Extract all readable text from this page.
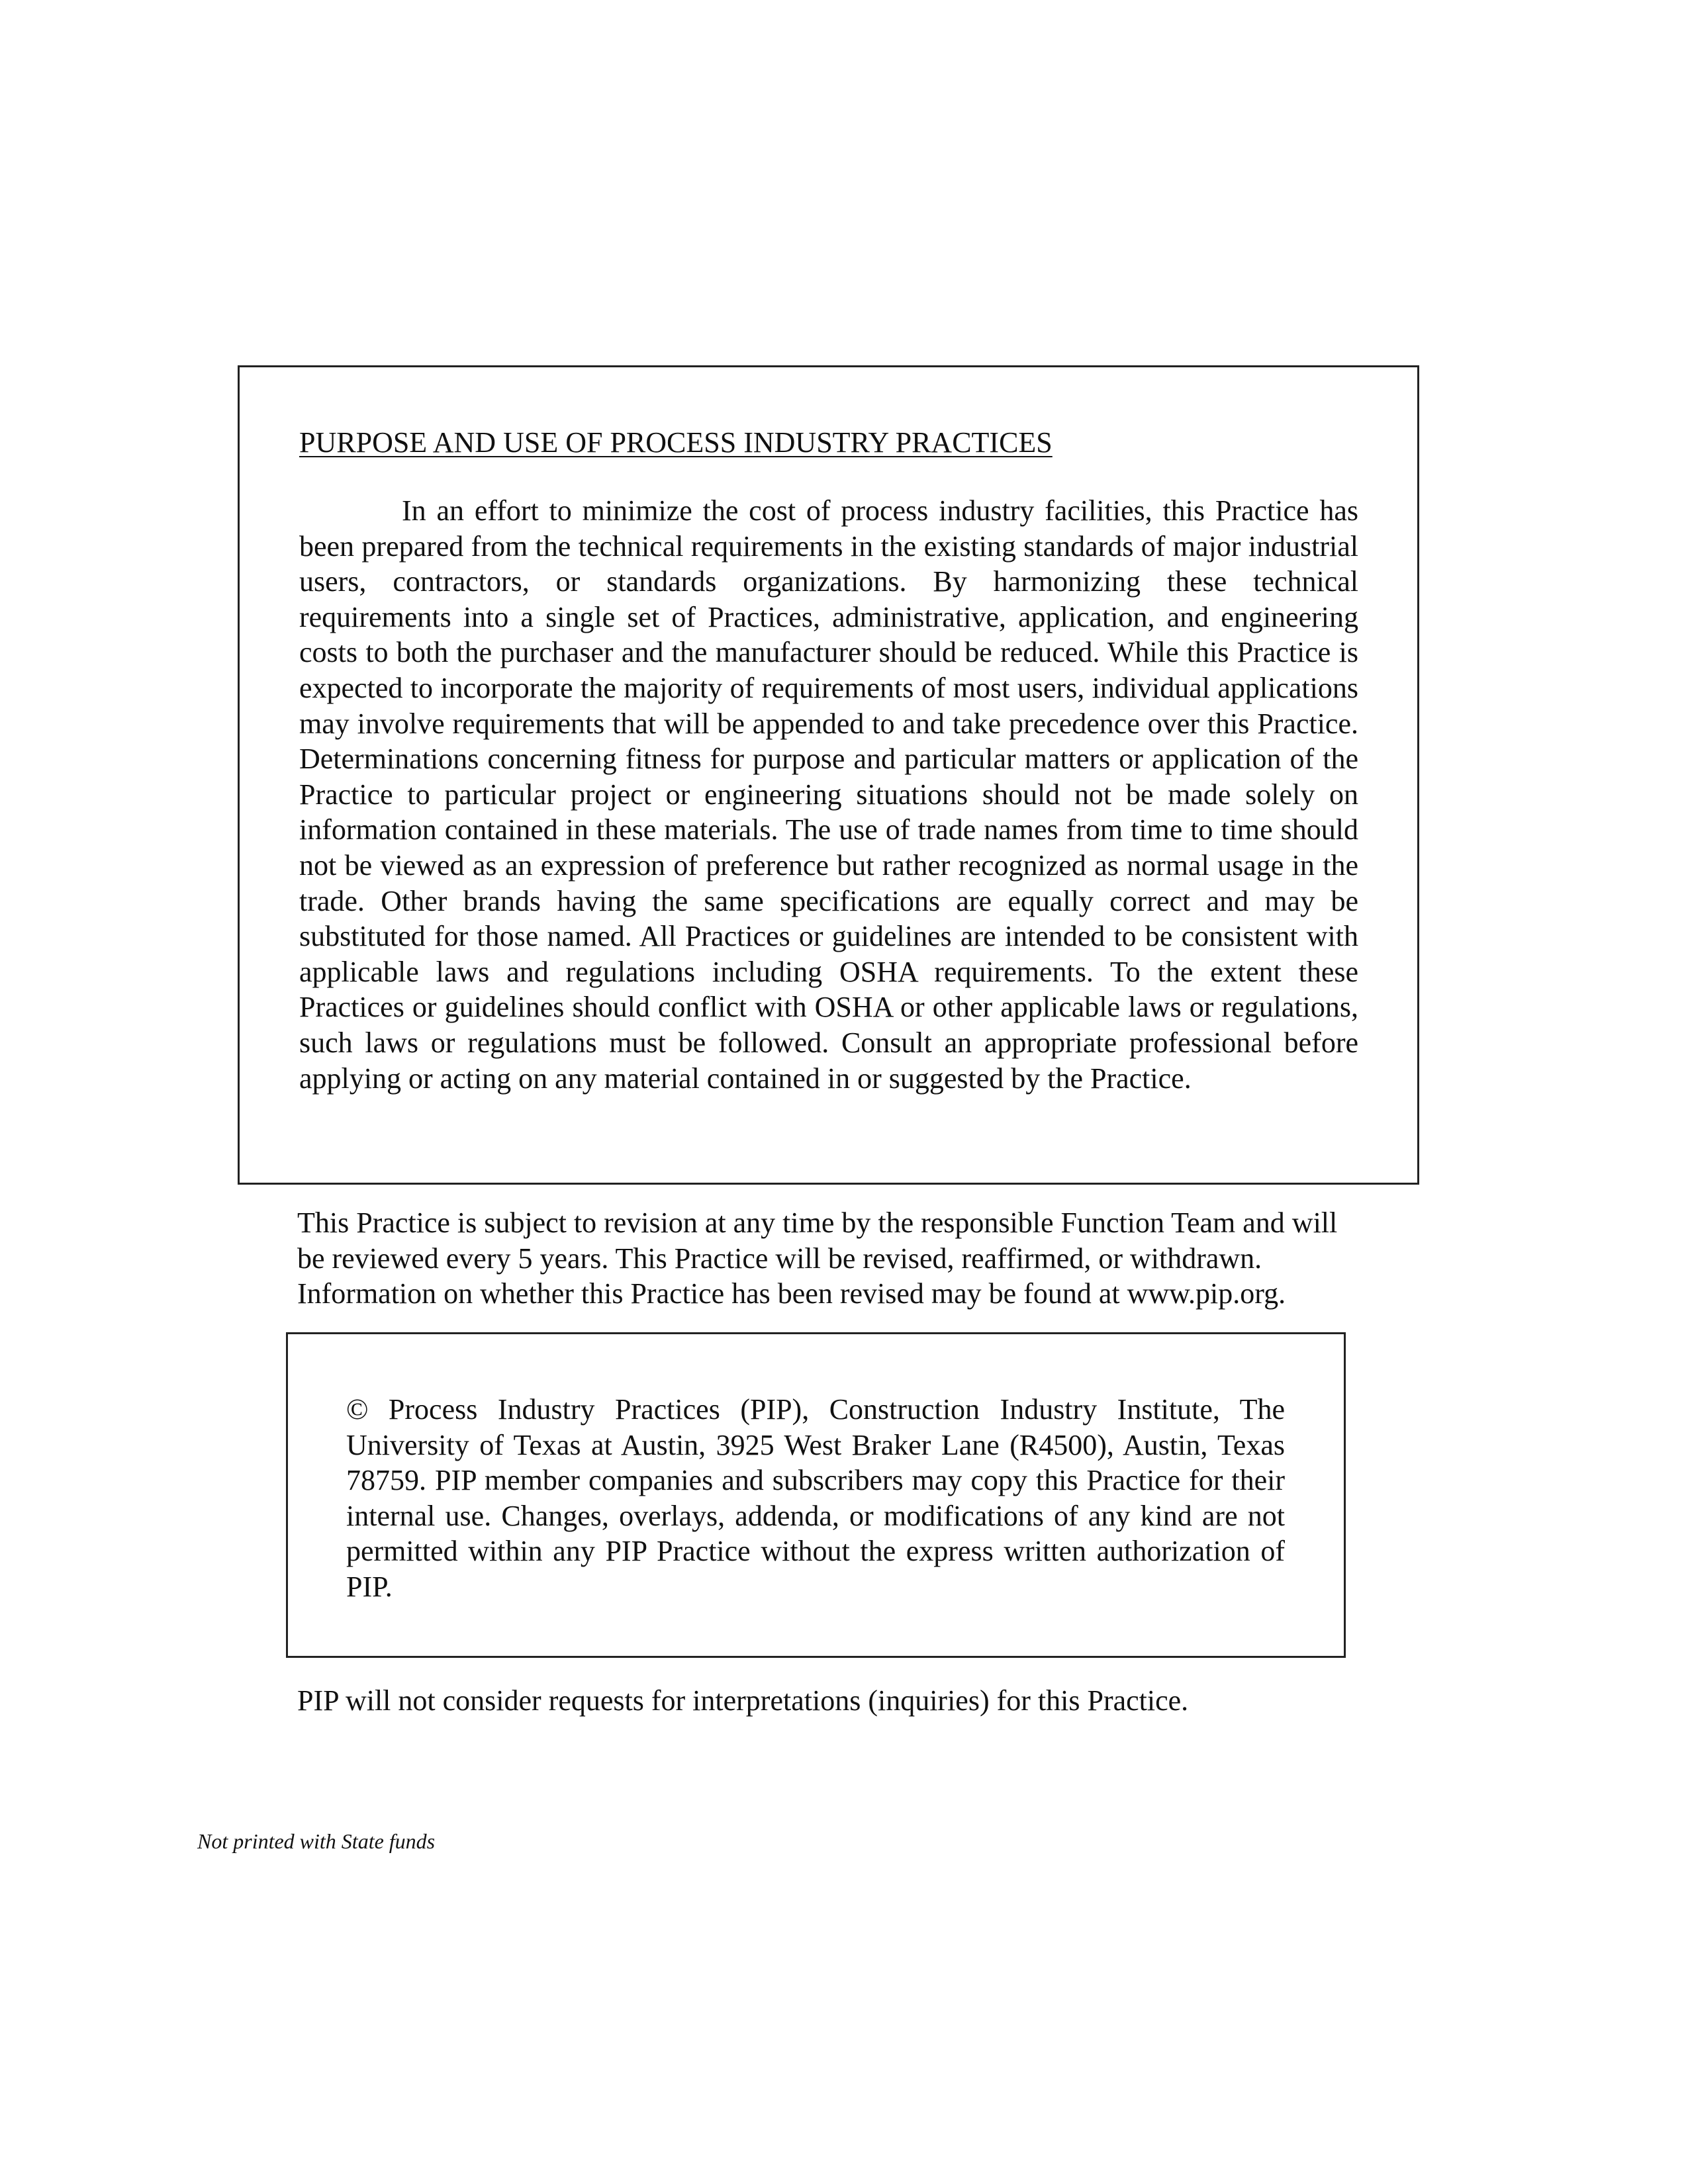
PURPOSE AND USE OF PROCESS INDUSTRY PRACTICES

In an effort to minimize the cost of process industry facilities, this Practice has been prepared from the technical requirements in the existing standards of major industrial users, contractors, or standards organizations. By harmonizing these technical requirements into a single set of Practices, administrative, application, and engineering costs to both the purchaser and the manufacturer should be reduced. While this Practice is expected to incorporate the majority of requirements of most users, individual applications may involve requirements that will be appended to and take precedence over this Practice. Determinations concerning fitness for purpose and particular matters or application of the Practice to particular project or engineering situations should not be made solely on information contained in these materials. The use of trade names from time to time should not be viewed as an expression of preference but rather recognized as normal usage in the trade. Other brands having the same specifications are equally correct and may be substituted for those named. All Practices or guidelines are intended to be consistent with applicable laws and regulations including OSHA requirements. To the extent these Practices or guidelines should conflict with OSHA or other applicable laws or regulations, such laws or regulations must be followed. Consult an appropriate professional before applying or acting on any material contained in or suggested by the Practice.

This Practice is subject to revision at any time by the responsible Function Team and will be reviewed every 5 years. This Practice will be revised, reaffirmed, or withdrawn. Information on whether this Practice has been revised may be found at www.pip.org.

© Process Industry Practices (PIP), Construction Industry Institute, The University of Texas at Austin, 3925 West Braker Lane (R4500), Austin, Texas 78759. PIP member companies and subscribers may copy this Practice for their internal use. Changes, overlays, addenda, or modifications of any kind are not permitted within any PIP Practice without the express written authorization of PIP.

PIP will not consider requests for interpretations (inquiries) for this Practice.

Not printed with State funds
